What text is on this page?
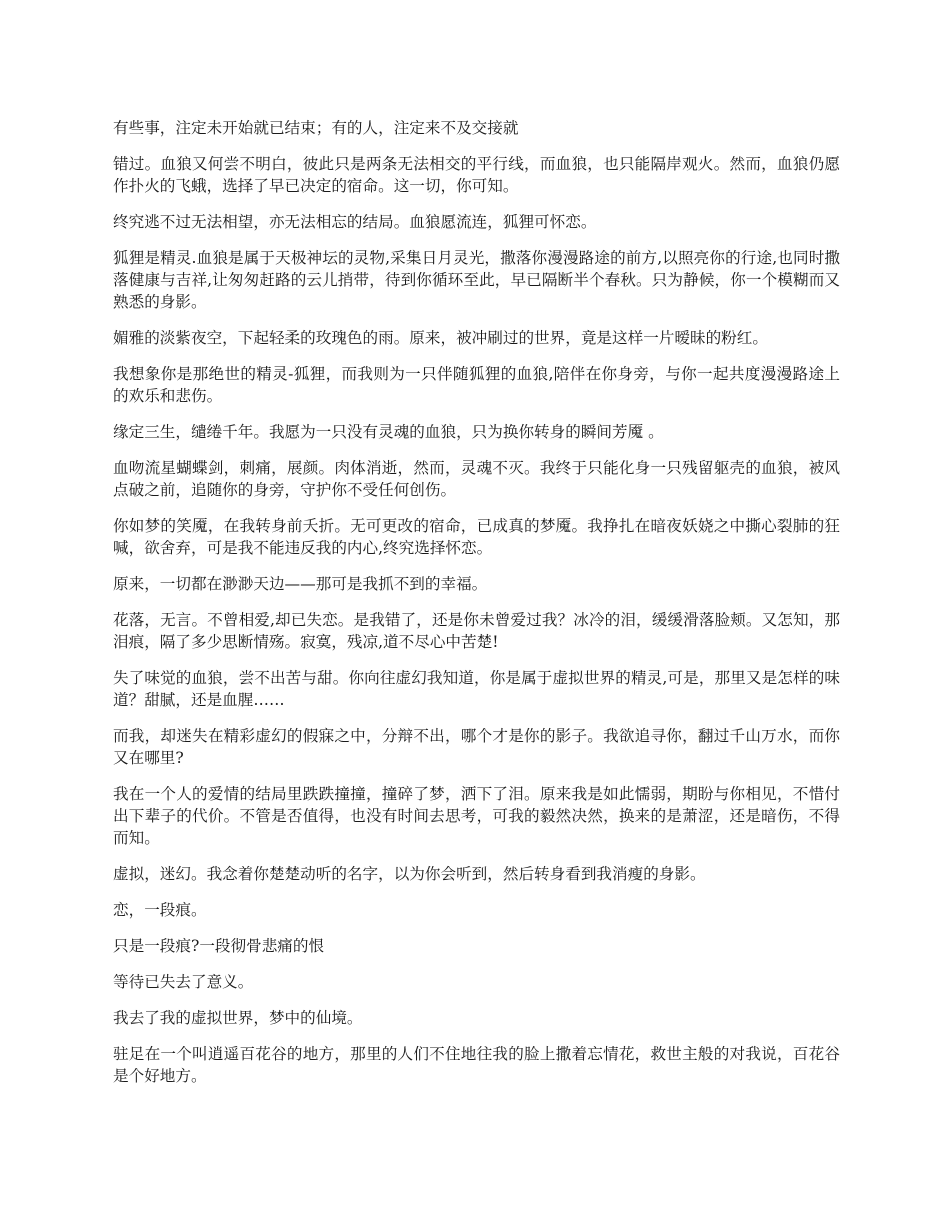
有些事，注定未开始就已结束；有的人，注定来不及交接就

错过。血狼又何尝不明白，彼此只是两条无法相交的平行线，而血狼，也只能隔岸观火。然而，血狼仍愿作扑火的飞蛾，选择了早已决定的宿命。这一切，你可知。

终究逃不过无法相望，亦无法相忘的结局。血狼愿流连，狐狸可怀恋。

狐狸是精灵.血狼是属于天极神坛的灵物,采集日月灵光，撒落你漫漫路途的前方,以照亮你的行途,也同时撒落健康与吉祥,让匆匆赶路的云儿捎带，待到你循环至此，早已隔断半个春秋。只为静候，你一个模糊而又熟悉的身影。

媚雅的淡紫夜空，下起轻柔的玫瑰色的雨。原来，被冲刷过的世界，竟是这样一片暧昧的粉红。

我想象你是那绝世的精灵-狐狸，而我则为一只伴随狐狸的血狼,陪伴在你身旁，与你一起共度漫漫路途上的欢乐和悲伤。

缘定三生，缱绻千年。我愿为一只没有灵魂的血狼，只为换你转身的瞬间芳魇 。

血吻流星蝴蝶剑，刺痛，展颜。肉体消逝，然而，灵魂不灭。我终于只能化身一只残留躯壳的血狼，被风点破之前，追随你的身旁，守护你不受任何创伤。

你如梦的笑魇，在我转身前夭折。无可更改的宿命，已成真的梦魇。我挣扎在暗夜妖娆之中撕心裂肺的狂喊，欲舍弃，可是我不能违反我的内心,终究选择怀恋。

原来，一切都在渺渺天边——那可是我抓不到的幸福。

花落，无言。不曾相爱,却已失恋。是我错了，还是你未曾爱过我？冰冷的泪，缓缓滑落脸颊。又怎知，那泪痕，隔了多少思断情殇。寂寞，残凉,道不尽心中苦楚!

失了味觉的血狼，尝不出苦与甜。你向往虚幻我知道，你是属于虚拟世界的精灵,可是，那里又是怎样的味道？甜腻，还是血腥……

而我，却迷失在精彩虚幻的假寐之中，分辩不出，哪个才是你的影子。我欲追寻你，翻过千山万水，而你又在哪里?

我在一个人的爱情的结局里跌跌撞撞，撞碎了梦，洒下了泪。原来我是如此懦弱，期盼与你相见，不惜付出下辈子的代价。不管是否值得，也没有时间去思考，可我的毅然决然，换来的是萧涩，还是暗伤，不得而知。

虚拟，迷幻。我念着你楚楚动听的名字，以为你会听到，然后转身看到我消瘦的身影。

恋，一段痕。

只是一段痕?一段彻骨悲痛的恨

等待已失去了意义。

我去了我的虚拟世界，梦中的仙境。

驻足在一个叫逍遥百花谷的地方，那里的人们不住地往我的脸上撒着忘情花，救世主般的对我说，百花谷是个好地方。
